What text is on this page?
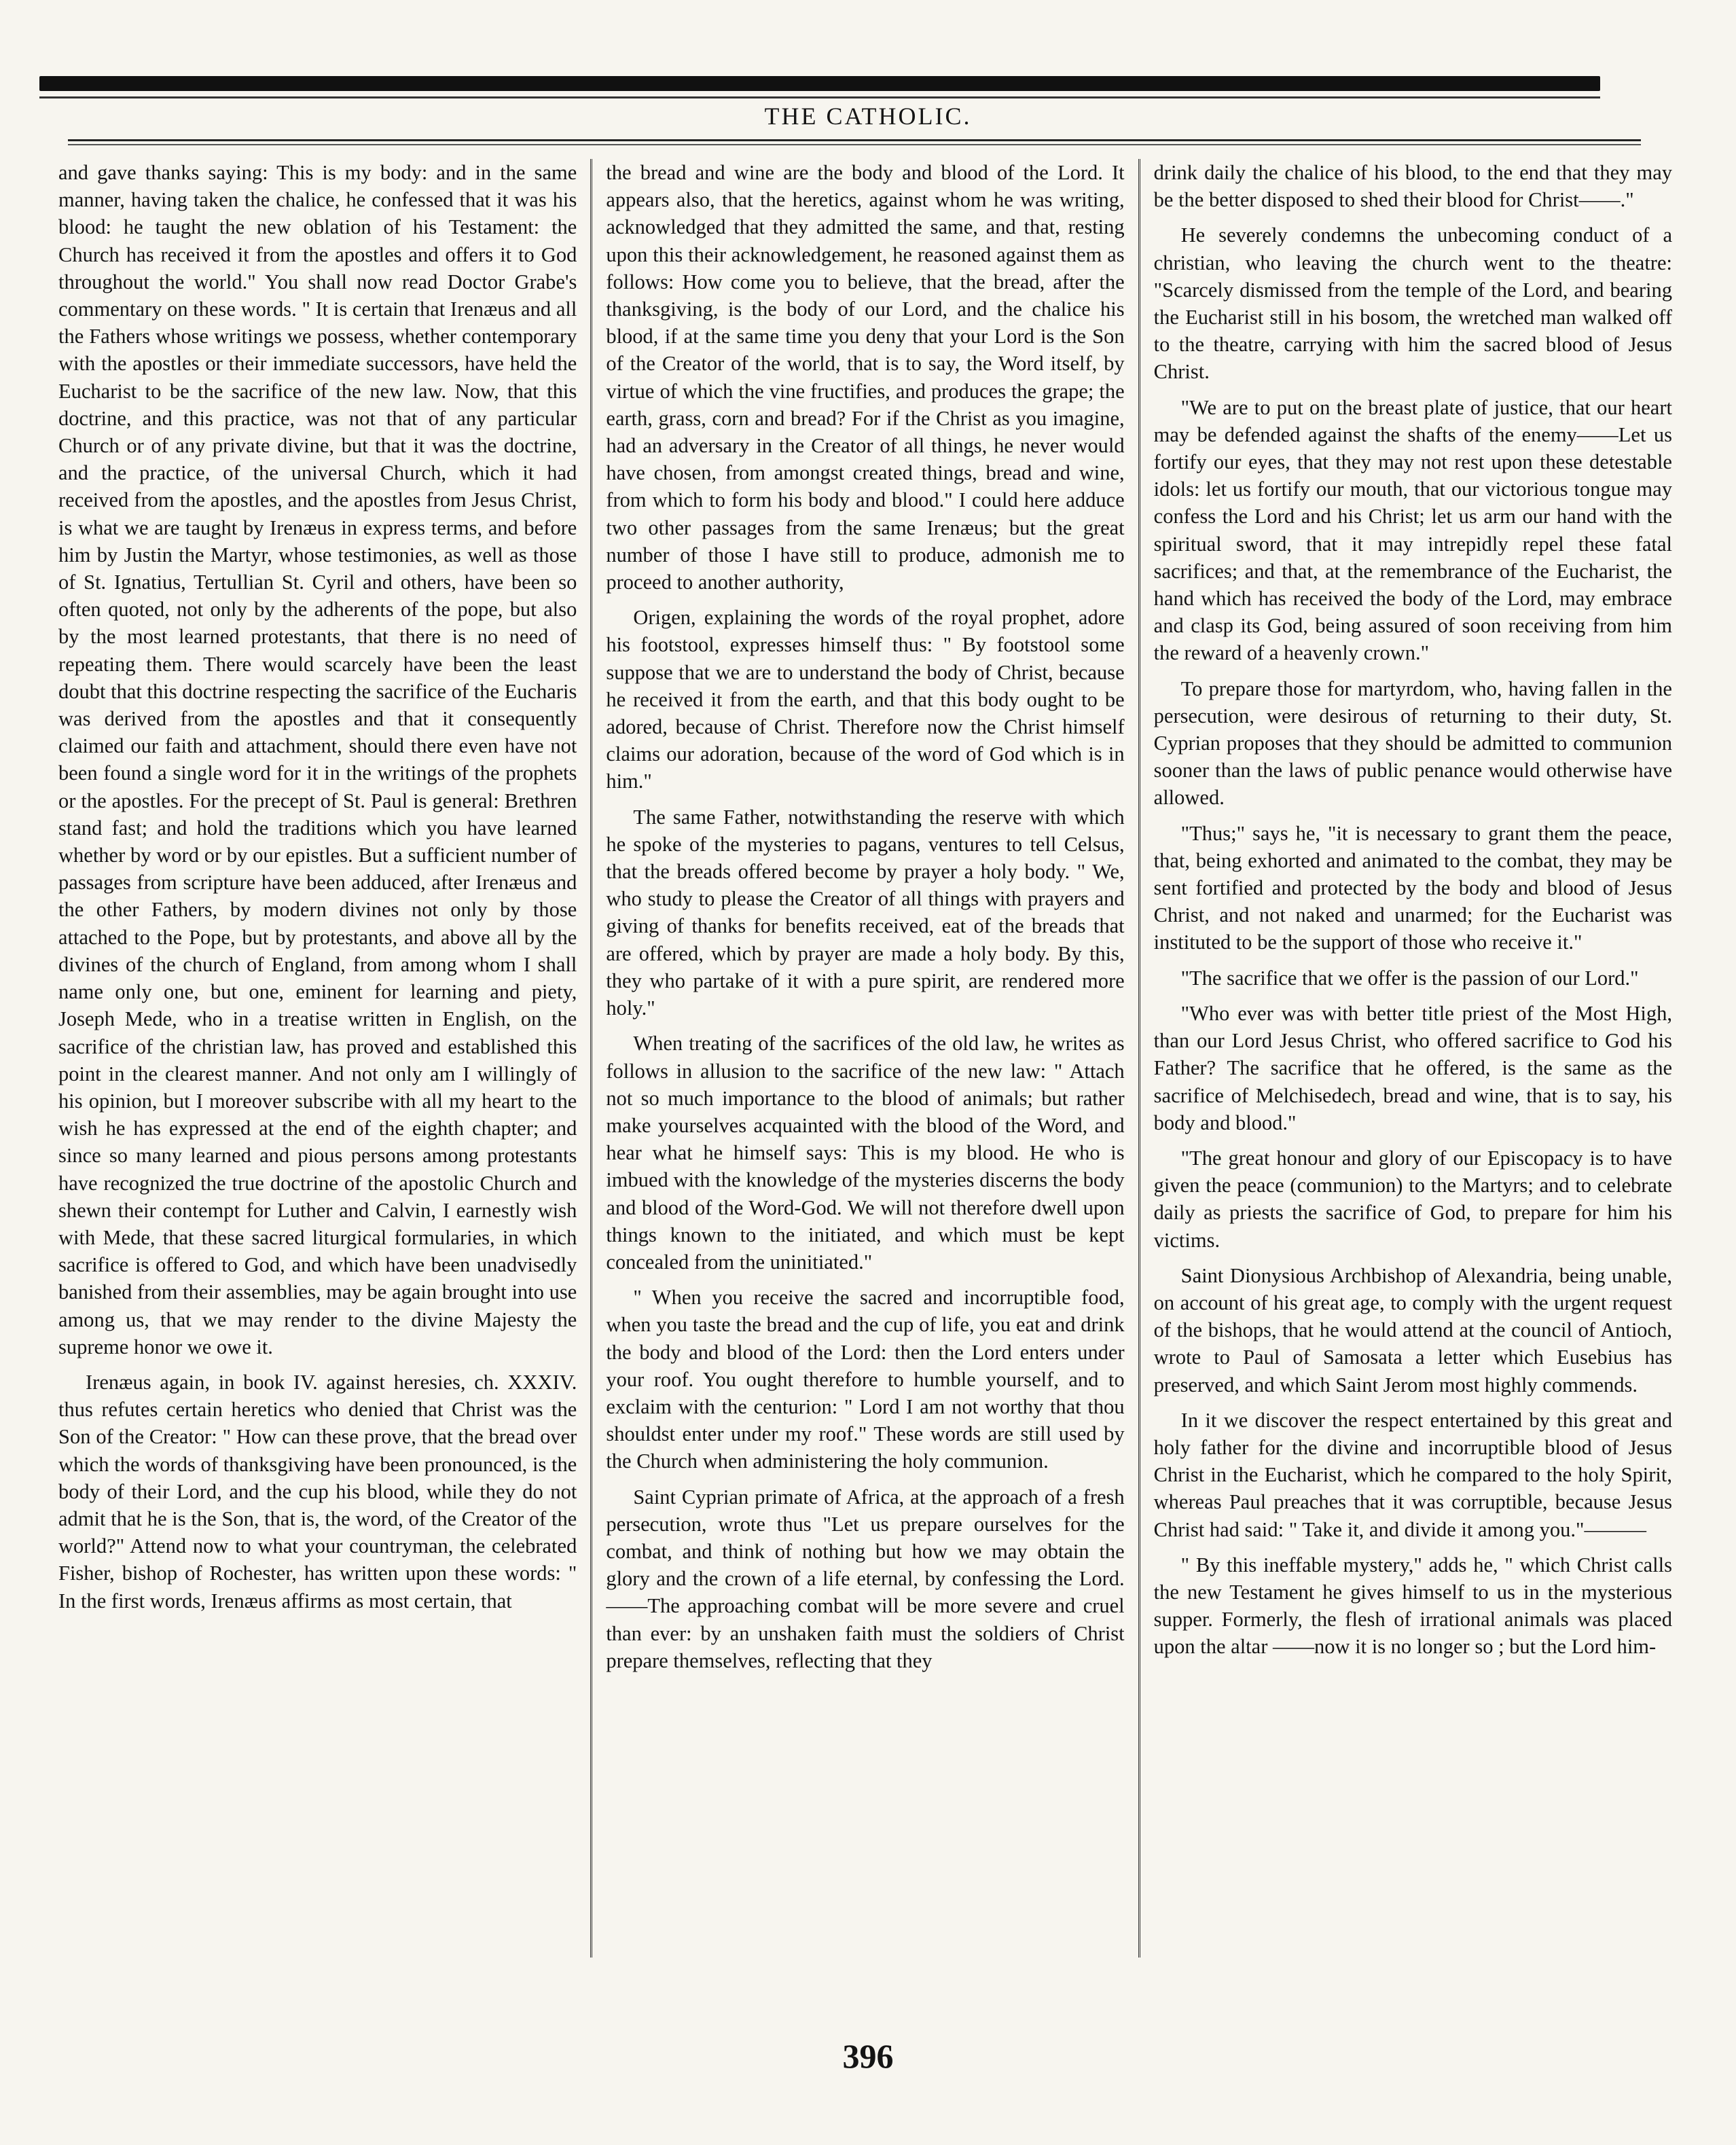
THE CATHOLIC.

and gave thanks saying: This is my body: and in the same manner, having taken the chalice, he confessed that it was his blood: he taught the new oblation of his Testament: the Church has received it from the apostles and offers it to God throughout the world." You shall now read Doctor Grabe's commentary on these words. " It is certain that Irenæus and all the Fathers whose writings we possess, whether contemporary with the apostles or their immediate successors, have held the Eucharist to be the sacrifice of the new law. Now, that this doctrine, and this practice, was not that of any particular Church or of any private divine, but that it was the doctrine, and the practice, of the universal Church, which it had received from the apostles, and the apostles from Jesus Christ, is what we are taught by Irenæus in express terms, and before him by Justin the Martyr, whose testimonies, as well as those of St. Ignatius, Tertullian St. Cyril and others, have been so often quoted, not only by the adherents of the pope, but also by the most learned protestants, that there is no need of repeating them. There would scarcely have been the least doubt that this doctrine respecting the sacrifice of the Eucharis was derived from the apostles and that it consequently claimed our faith and attachment, should there even have not been found a single word for it in the writings of the prophets or the apostles. For the precept of St. Paul is general: Brethren stand fast; and hold the traditions which you have learned whether by word or by our epistles. But a sufficient number of passages from scripture have been adduced, after Irenæus and the other Fathers, by modern divines not only by those attached to the Pope, but by protestants, and above all by the divines of the church of England, from among whom I shall name only one, but one, eminent for learning and piety, Joseph Mede, who in a treatise written in English, on the sacrifice of the christian law, has proved and established this point in the clearest manner. And not only am I willingly of his opinion, but I moreover subscribe with all my heart to the wish he has expressed at the end of the eighth chapter; and since so many learned and pious persons among protestants have recognized the true doctrine of the apostolic Church and shewn their contempt for Luther and Calvin, I earnestly wish with Mede, that these sacred liturgical formularies, in which sacrifice is offered to God, and which have been unadvisedly banished from their assemblies, may be again brought into use among us, that we may render to the divine Majesty the supreme honor we owe it.

Irenæus again, in book IV. against heresies, ch. XXXIV. thus refutes certain heretics who denied that Christ was the Son of the Creator: " How can these prove, that the bread over which the words of thanksgiving have been pronounced, is the body of their Lord, and the cup his blood, while they do not admit that he is the Son, that is, the word, of the Creator of the world?" Attend now to what your countryman, the celebrated Fisher, bishop of Rochester, has written upon these words: " In the first words, Irenæus affirms as most certain, that

the bread and wine are the body and blood of the Lord. It appears also, that the heretics, against whom he was writing, acknowledged that they admitted the same, and that, resting upon this their acknowledgement, he reasoned against them as follows: How come you to believe, that the bread, after the thanksgiving, is the body of our Lord, and the chalice his blood, if at the same time you deny that your Lord is the Son of the Creator of the world, that is to say, the Word itself, by virtue of which the vine fructifies, and produces the grape; the earth, grass, corn and bread? For if the Christ as you imagine, had an adversary in the Creator of all things, he never would have chosen, from amongst created things, bread and wine, from which to form his body and blood." I could here adduce two other passages from the same Irenæus; but the great number of those I have still to produce, admonish me to proceed to another authority,

Origen, explaining the words of the royal prophet, adore his footstool, expresses himself thus: " By footstool some suppose that we are to understand the body of Christ, because he received it from the earth, and that this body ought to be adored, because of Christ. Therefore now the Christ himself claims our adoration, because of the word of God which is in him."

The same Father, notwithstanding the reserve with which he spoke of the mysteries to pagans, ventures to tell Celsus, that the breads offered become by prayer a holy body. " We, who study to please the Creator of all things with prayers and giving of thanks for benefits received, eat of the breads that are offered, which by prayer are made a holy body. By this, they who partake of it with a pure spirit, are rendered more holy."

When treating of the sacrifices of the old law, he writes as follows in allusion to the sacrifice of the new law: " Attach not so much importance to the blood of animals; but rather make yourselves acquainted with the blood of the Word, and hear what he himself says: This is my blood. He who is imbued with the knowledge of the mysteries discerns the body and blood of the Word-God. We will not therefore dwell upon things known to the initiated, and which must be kept concealed from the uninitiated."

" When you receive the sacred and incorruptible food, when you taste the bread and the cup of life, you eat and drink the body and blood of the Lord: then the Lord enters under your roof. You ought therefore to humble yourself, and to exclaim with the centurion: " Lord I am not worthy that thou shouldst enter under my roof." These words are still used by the Church when administering the holy communion.

Saint Cyprian primate of Africa, at the approach of a fresh persecution, wrote thus "Let us prepare ourselves for the combat, and think of nothing but how we may obtain the glory and the crown of a life eternal, by confessing the Lord.——The approaching combat will be more severe and cruel than ever: by an unshaken faith must the soldiers of Christ prepare themselves, reflecting that they

drink daily the chalice of his blood, to the end that they may be the better disposed to shed their blood for Christ——."

He severely condemns the unbecoming conduct of a christian, who leaving the church went to the theatre: "Scarcely dismissed from the temple of the Lord, and bearing the Eucharist still in his bosom, the wretched man walked off to the theatre, carrying with him the sacred blood of Jesus Christ.

"We are to put on the breast plate of justice, that our heart may be defended against the shafts of the enemy——Let us fortify our eyes, that they may not rest upon these detestable idols: let us fortify our mouth, that our victorious tongue may confess the Lord and his Christ; let us arm our hand with the spiritual sword, that it may intrepidly repel these fatal sacrifices; and that, at the remembrance of the Eucharist, the hand which has received the body of the Lord, may embrace and clasp its God, being assured of soon receiving from him the reward of a heavenly crown."

To prepare those for martyrdom, who, having fallen in the persecution, were desirous of returning to their duty, St. Cyprian proposes that they should be admitted to communion sooner than the laws of public penance would otherwise have allowed.

"Thus;" says he, "it is necessary to grant them the peace, that, being exhorted and animated to the combat, they may be sent fortified and protected by the body and blood of Jesus Christ, and not naked and unarmed; for the Eucharist was instituted to be the support of those who receive it."

"The sacrifice that we offer is the passion of our Lord."

"Who ever was with better title priest of the Most High, than our Lord Jesus Christ, who offered sacrifice to God his Father? The sacrifice that he offered, is the same as the sacrifice of Melchisedech, bread and wine, that is to say, his body and blood."

"The great honour and glory of our Episcopacy is to have given the peace (communion) to the Martyrs; and to celebrate daily as priests the sacrifice of God, to prepare for him his victims.

Saint Dionysious Archbishop of Alexandria, being unable, on account of his great age, to comply with the urgent request of the bishops, that he would attend at the council of Antioch, wrote to Paul of Samosata a letter which Eusebius has preserved, and which Saint Jerom most highly commends.

In it we discover the respect entertained by this great and holy father for the divine and incorruptible blood of Jesus Christ in the Eucharist, which he compared to the holy Spirit, whereas Paul preaches that it was corruptible, because Jesus Christ had said: " Take it, and divide it among you."———

" By this ineffable mystery," adds he, " which Christ calls the new Testament he gives himself to us in the mysterious supper. Formerly, the flesh of irrational animals was placed upon the altar ——now it is no longer so ; but the Lord him-

396
